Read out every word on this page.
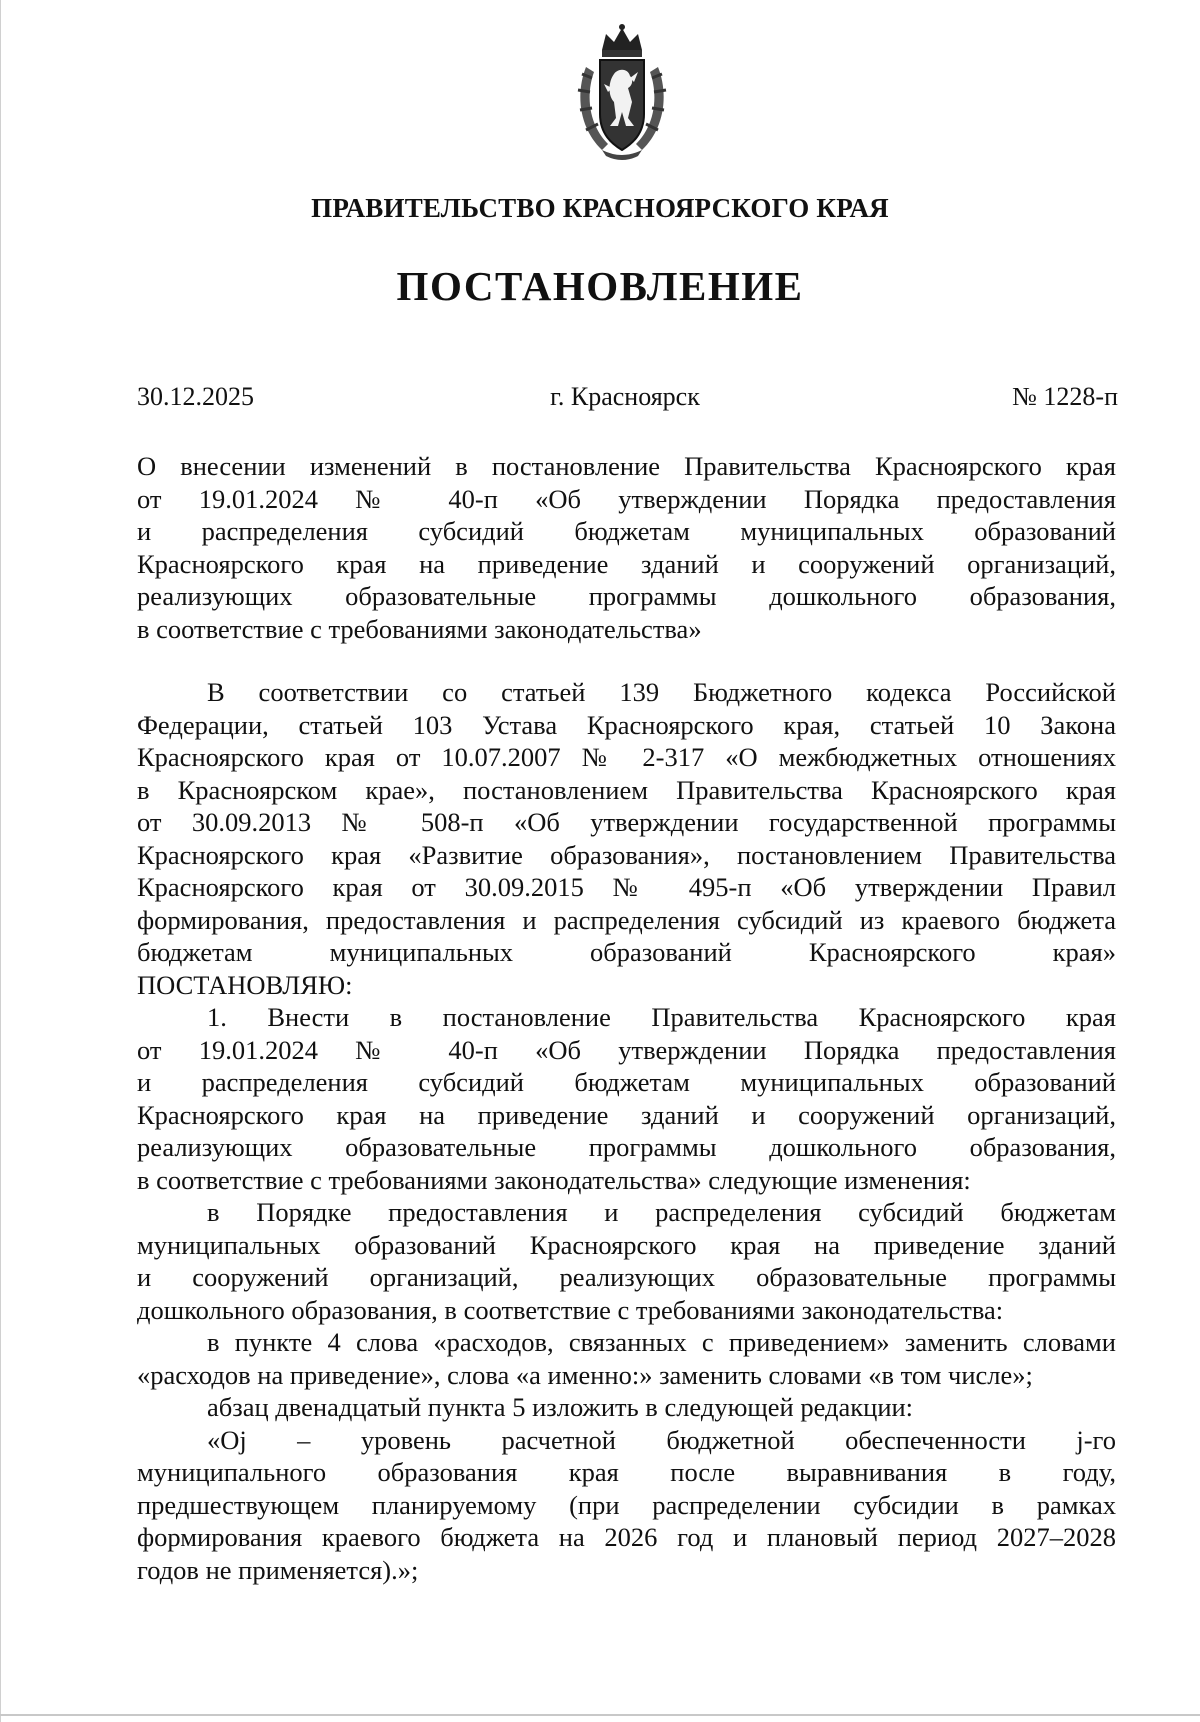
ПРАВИТЕЛЬСТВО КРАСНОЯРСКОГО КРАЯ
ПОСТАНОВЛЕНИЕ
30.12.2025	г. Красноярск	№ 1228-п

О внесении изменений в постановление Правительства Красноярского края

от 19.01.2024 № 40-п «Об утверждении Порядка предоставления

и распределения субсидий бюджетам муниципальных образований

Красноярского края на приведение зданий и сооружений организаций,

реализующих образовательные программы дошкольного образования,

в соответствие с требованиями законодательства»

В соответствии со статьей 139 Бюджетного кодекса Российской

Федерации, статьей 103 Устава Красноярского края, статьей 10 Закона

Красноярского края от 10.07.2007 № 2-317 «О межбюджетных отношениях

в Красноярском крае», постановлением Правительства Красноярского края

от 30.09.2013 № 508-п «Об утверждении государственной программы

Красноярского края «Развитие образования», постановлением Правительства

Красноярского края от 30.09.2015 № 495-п «Об утверждении Правил

формирования, предоставления и распределения субсидий из краевого бюджета

бюджетам муниципальных образований Красноярского края»

ПОСТАНОВЛЯЮ:

1. Внести в постановление Правительства Красноярского края

от 19.01.2024 № 40-п «Об утверждении Порядка предоставления

и распределения субсидий бюджетам муниципальных образований

Красноярского края на приведение зданий и сооружений организаций,

реализующих образовательные программы дошкольного образования,

в соответствие с требованиями законодательства» следующие изменения:

в Порядке предоставления и распределения субсидий бюджетам

муниципальных образований Красноярского края на приведение зданий

и сооружений организаций, реализующих образовательные программы

дошкольного образования, в соответствие с требованиями законодательства:

в пункте 4 слова «расходов, связанных с приведением» заменить словами

«расходов на приведение», слова «а именно:» заменить словами «в том числе»;

абзац двенадцатый пункта 5 изложить в следующей редакции:

«Oj – уровень расчетной бюджетной обеспеченности j-го

муниципального образования края после выравнивания в году,

предшествующем планируемому (при распределении субсидии в рамках

формирования краевого бюджета на 2026 год и плановый период 2027–2028

годов не применяется).»;
